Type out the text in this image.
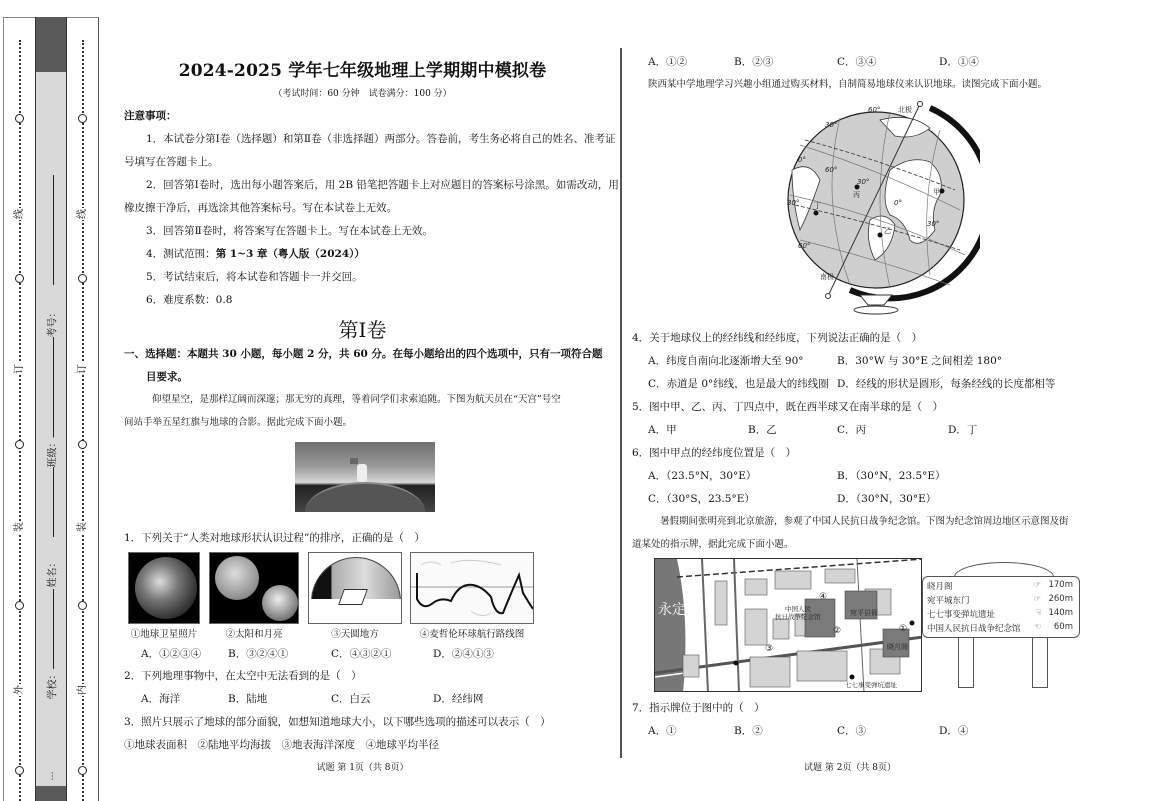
线
订
装
外
考号：
班级：
姓名：
学校：
…
线
订
装
内
2024-2025 学年七年级地理上学期期中模拟卷
（考试时间：60 分钟　试卷满分：100 分）
注意事项：
1．本试卷分第Ⅰ卷（选择题）和第Ⅱ卷（非选择题）两部分。答卷前，考生务必将自己的姓名、准考证
号填写在答题卡上。
2．回答第Ⅰ卷时，选出每小题答案后，用 2B 铅笔把答题卡上对应题目的答案标号涂黑。如需改动，用
橡皮擦干净后，再选涂其他答案标号。写在本试卷上无效。
3．回答第Ⅱ卷时，将答案写在答题卡上。写在本试卷上无效。
4．测试范围：第 1~3 章（粤人版（2024））
5．考试结束后，将本试卷和答题卡一并交回。
6．难度系数：0.8
第Ⅰ卷
一、选择题：本题共 30 小题，每小题 2 分，共 60 分。在每小题给出的四个选项中，只有一项符合题
目要求。
仰望星空，是那样辽阔而深邃；那无穷的真理，等着同学们求索追随。下图为航天员在“天宫”号空
间站手举五星红旗与地球的合影。据此完成下面小题。
1．下列关于“人类对地球形状认识过程”的排序，正确的是（　）
①地球卫星照片	②太阳和月亮	③天圆地方	④麦哲伦环球航行路线图
A．①②③④	B．③②④①	C．④③②①	D．②④①③
2．下列地理事物中，在太空中无法看到的是（　）
A．海洋	B．陆地	C．白云	D．经纬网
3．照片只展示了地球的部分面貌，如想知道地球大小，以下哪些选项的描述可以表示（　）
①地球表面积　②陆地平均海拔　③地表海洋深度　④地球平均半径
试题 第 1页（共 8页）
A．①②	B．②③	C．③④	D．①④
陕西某中学地理学习兴趣小组通过购买材料，自制简易地球仪来认识地球。读图完成下面小题。
60°	北极
30°
0°
60°
30°
丙	甲
0°
30° 丁
30°
乙
60°
南极
4．关于地球仪上的经纬线和经纬度，下列说法正确的是（　）
A．纬度自南向北逐渐增大至 90°	B．30°W 与 30°E 之间相差 180°
C．赤道是 0°纬线，也是最大的纬线圈 D．经线的形状是圆形，每条经线的长度都相等
5．图中甲、乙、丙、丁四点中，既在西半球又在南半球的是（　）
A．甲	B．乙	C．丙	D．丁
6．图中甲点的经纬度位置是（　）
A．（23.5°N，30°E）	B．（30°N，23.5°E）
C．（30°S，23.5°E）	D．（30°N，30°E）
暑假期间张明亮到北京旅游，参观了中国人民抗日战争纪念馆。下图为纪念馆周边地区示意图及街
道某处的指示牌，据此完成下面小题。
永定河	中国人民
抗日战争纪念馆	宛平县衙
晓月阁
七七事变弹坑遗址
④
②	①
③
晓月阁	☞ 170m
宛平城东门	☞ 260m
七七事变弹坑遗址	☟ 140m
中国人民抗日战争纪念馆 ☜ 60m
7．指示牌位于图中的（　）
A．①	B．②	C．③	D．④
试题 第 2页（共 8页）
